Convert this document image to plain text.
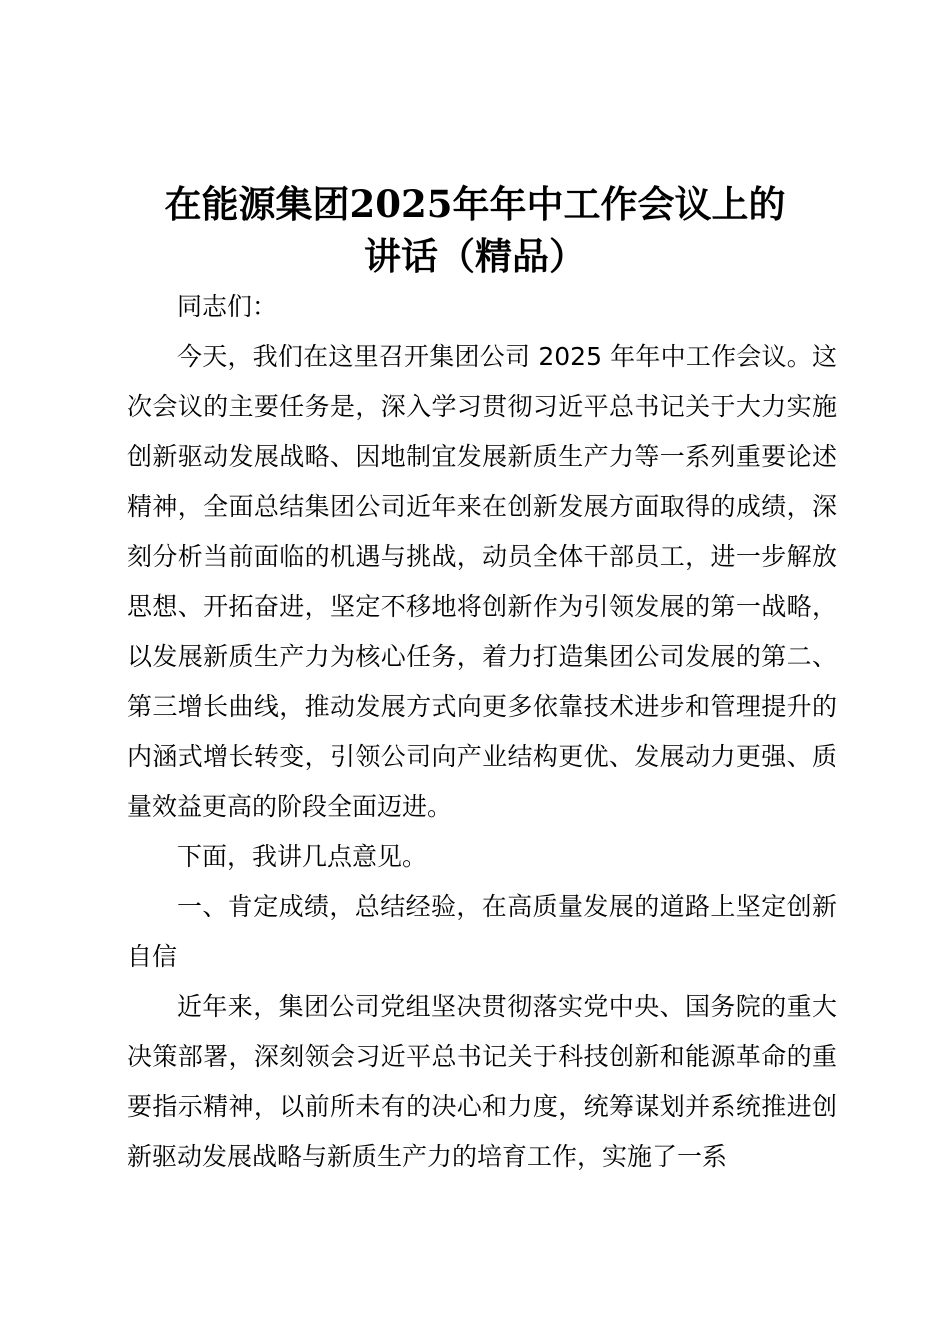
在能源集团2025年年中工作会议上的
讲话（精品）

同志们：

今天，我们在这里召开集团公司 2025 年年中工作会议。这次会议的主要任务是，深入学习贯彻习近平总书记关于大力实施创新驱动发展战略、因地制宜发展新质生产力等一系列重要论述精神，全面总结集团公司近年来在创新发展方面取得的成绩，深刻分析当前面临的机遇与挑战，动员全体干部员工，进一步解放思想、开拓奋进，坚定不移地将创新作为引领发展的第一战略，以发展新质生产力为核心任务，着力打造集团公司发展的第二、第三增长曲线，推动发展方式向更多依靠技术进步和管理提升的内涵式增长转变，引领公司向产业结构更优、发展动力更强、质量效益更高的阶段全面迈进。

下面，我讲几点意见。

一、肯定成绩，总结经验，在高质量发展的道路上坚定创新自信

近年来，集团公司党组坚决贯彻落实党中央、国务院的重大决策部署，深刻领会习近平总书记关于科技创新和能源革命的重要指示精神，以前所未有的决心和力度，统筹谋划并系统推进创新驱动发展战略与新质生产力的培育工作，实施了一系
